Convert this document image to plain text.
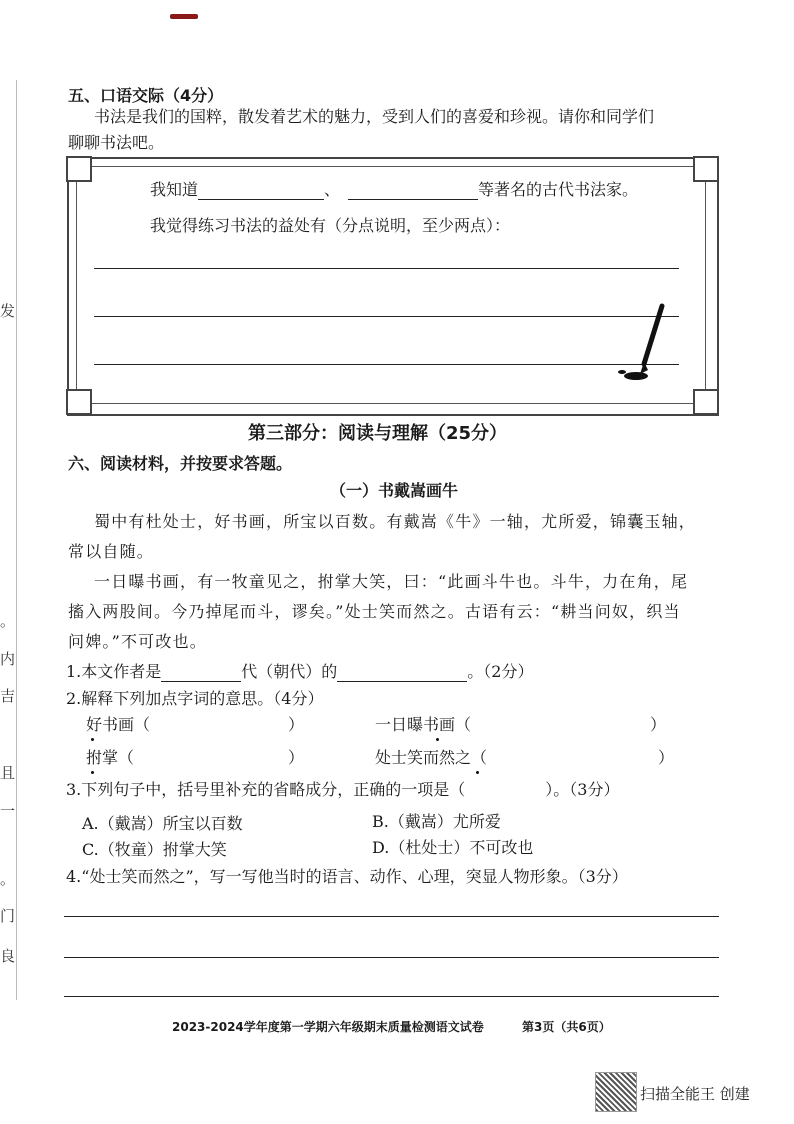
发
。
内
吉
且
一
。
门
良
五、口语交际（4分）
书法是我们的国粹，散发着艺术的魅力，受到人们的喜爱和珍视。请你和同学们
聊聊书法吧。
我知道	、	等著名的古代书法家。
我觉得练习书法的益处有（分点说明，至少两点）：
第三部分：阅读与理解（25分）
六、阅读材料，并按要求答题。
（一）书戴嵩画牛
蜀中有杜处士，好书画，所宝以百数。有戴嵩《牛》一轴，尤所爱，锦囊玉轴，
常以自随。
一日曝书画，有一牧童见之，拊掌大笑，曰：“此画斗牛也。斗牛，力在角，尾
搐入两股间。今乃掉尾而斗，谬矣。”处士笑而然之。古语有云：“耕当问奴，织当
问婢。”不可改也。
1.本文作者是	代（朝代）的	。（2分）
2.解释下列加点字词的意思。（4分）
好书画（	）	一日曝书画（	）
拊掌（	）	处士笑而然之（	）
3.下列句子中，括号里补充的省略成分，正确的一项是（	）。（3分）
A.（戴嵩）所宝以百数	B.（戴嵩）尤所爱
C.（牧童）拊掌大笑	D.（杜处士）不可改也
4.“处士笑而然之”，写一写他当时的语言、动作、心理，突显人物形象。（3分）
2023-2024学年度第一学期六年级期末质量检测语文试卷	第3页（共6页）
扫描全能王 创建
